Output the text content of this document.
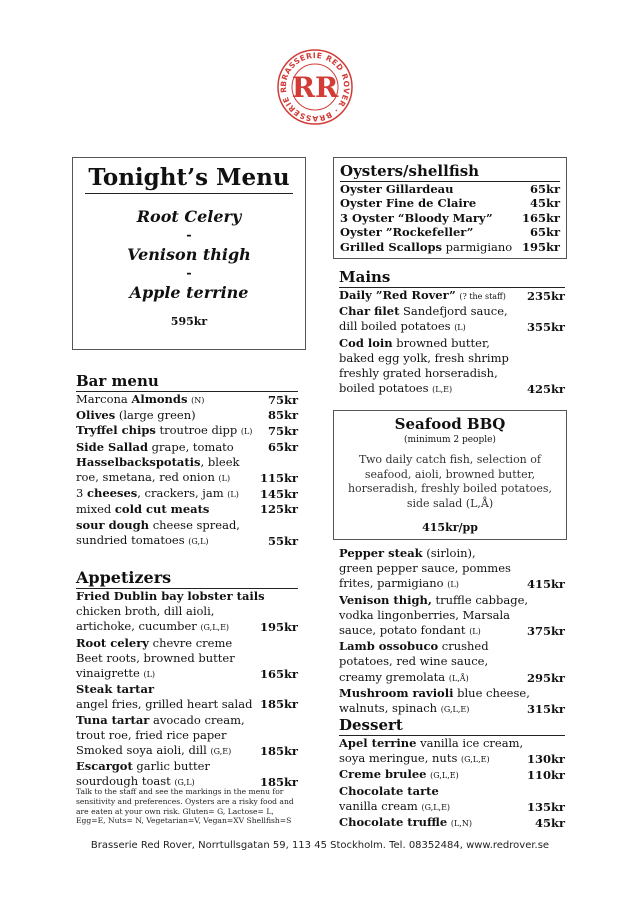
BRASSERIE RED ROVER · BRASSERIE R RR
Tonight’s Menu

Root Celery

-

Venison thigh

-

Apple terrine

595kr
Bar menu
Marcona Almonds (N)	75kr
Olives (large green)	85kr
Tryffel chips troutroe dipp (L)	75kr
Side Sallad grape, tomato	65kr
Hasselbackspotatis, bleek
roe, smetana, red onion (L)	115kr
3 cheeses, crackers, jam (L)	145kr
mixed cold cut meats	125kr
sour dough cheese spread,
sundried tomatoes (G,L)	55kr
Appetizers
Fried Dublin bay lobster tails
chicken broth, dill aioli,
artichoke, cucumber (G,L,E)	195kr
Root celery chevre creme
Beet roots, browned butter
vinaigrette (L)	165kr
Steak tartar
angel fries, grilled heart salad 185kr
Tuna tartar avocado cream,
trout roe, fried rice paper
Smoked soya aioli, dill (G,E)	185kr
Escargot garlic butter
sourdough toast (G,L)	185kr
Talk to the staff and see the markings in the menu for sensitivity and preferences. Oysters are a risky food and are eaten at your own risk. Gluten= G, Lactose= L, Egg=E, Nuts= N, Vegetarian=V, Vegan=XV Shellfish=S
Oysters/shellfish
Oyster Gillardeau	65kr
Oyster Fine de Claire	45kr
3 Oyster “Bloody Mary”	165kr
Oyster ”Rockefeller”	65kr
Grilled Scallops parmigiano 195kr
Mains
Daily ”Red Rover” (? the staff)	235kr
Char filet Sandefjord sauce,
dill boiled potatoes (L)	355kr
Cod loin browned butter,
baked egg yolk, fresh shrimp
freshly grated horseradish,
boiled potatoes (L,E)	425kr
Seafood BBQ
(minimum 2 people)
Two daily catch fish, selection of seafood, aioli, browned butter, horseradish, freshly boiled potatoes, side salad (L,Å)
415kr/pp
Pepper steak (sirloin),
green pepper sauce, pommes
frites, parmigiano (L)	415kr
Venison thigh, truffle cabbage,
vodka lingonberries, Marsala
sauce, potato fondant (L)	375kr
Lamb ossobuco crushed
potatoes, red wine sauce,
creamy gremolata (L,Å)	295kr
Mushroom ravioli blue cheese,
walnuts, spinach (G,L,E)	315kr
Dessert
Apel terrine vanilla ice cream,
soya meringue, nuts (G,L,E)	130kr
Creme brulee (G,L,E)	110kr
Chocolate tarte
vanilla cream (G,L,E)	135kr
Chocolate truffle (L,N)	45kr
Brasserie Red Rover, Norrtullsgatan 59, 113 45 Stockholm. Tel. 08352484, www.redrover.se
